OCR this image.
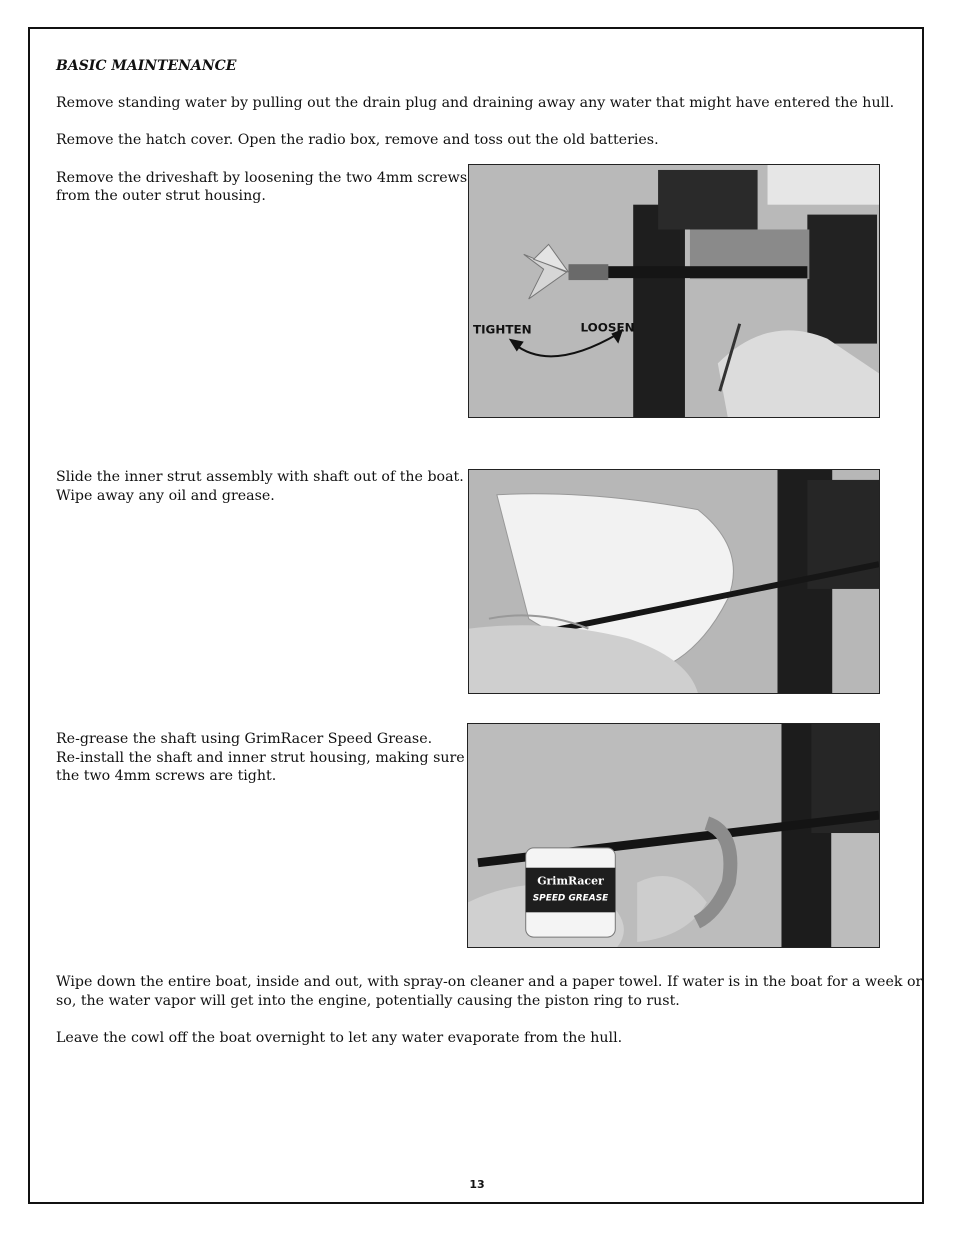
BASIC MAINTENANCE

Remove standing water by pulling out the drain plug and draining away any water that might have entered the hull.

Remove the hatch cover. Open the radio box, remove and toss out the old batteries.

Remove the driveshaft by loosening the two 4mm screws

from the outer strut housing.

TIGHTEN	LOOSEN

Slide the inner strut assembly with shaft out of the boat.

Wipe away any oil and grease.

Re-grease the shaft using GrimRacer Speed Grease.

Re-install the shaft and inner strut housing, making sure

the two 4mm screws are tight.

GrimRacer
SPEED GREASE

Wipe down the entire boat, inside and out, with spray-on cleaner and a paper towel. If water is in the boat for a week or

so, the water vapor will get into the engine, potentially causing the piston ring to rust.

Leave the cowl off the boat overnight to let any water evaporate from the hull.

13
